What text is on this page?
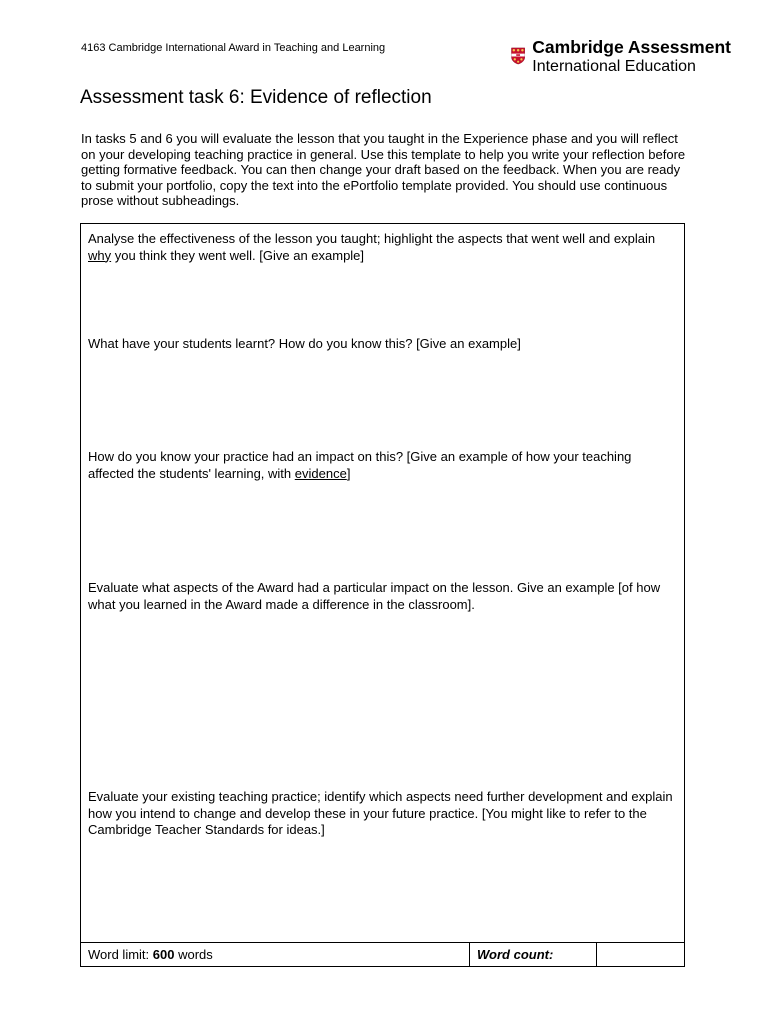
4163 Cambridge International Award in Teaching and Learning	Cambridge Assessment
International Education
Assessment task 6: Evidence of reflection

In tasks 5 and 6 you will evaluate the lesson that you taught in the Experience phase and you will reflect on your developing teaching practice in general. Use this template to help you write your reflection before getting formative feedback. You can then change your draft based on the feedback. When you are ready to submit your portfolio, copy the text into the ePortfolio template provided. You should use continuous prose without subheadings.

Analyse the effectiveness of the lesson you taught; highlight the aspects that went well and explain why you think they went well. [Give an example]

What have your students learnt? How do you know this? [Give an example]

How do you know your practice had an impact on this? [Give an example of how your teaching affected the students' learning, with evidence]

Evaluate what aspects of the Award had a particular impact on the lesson. Give an example [of how what you learned in the Award made a difference in the classroom].

Evaluate your existing teaching practice; identify which aspects need further development and explain how you intend to change and develop these in your future practice. [You might like to refer to the Cambridge Teacher Standards for ideas.]

Word limit: 600 words	Word count:
